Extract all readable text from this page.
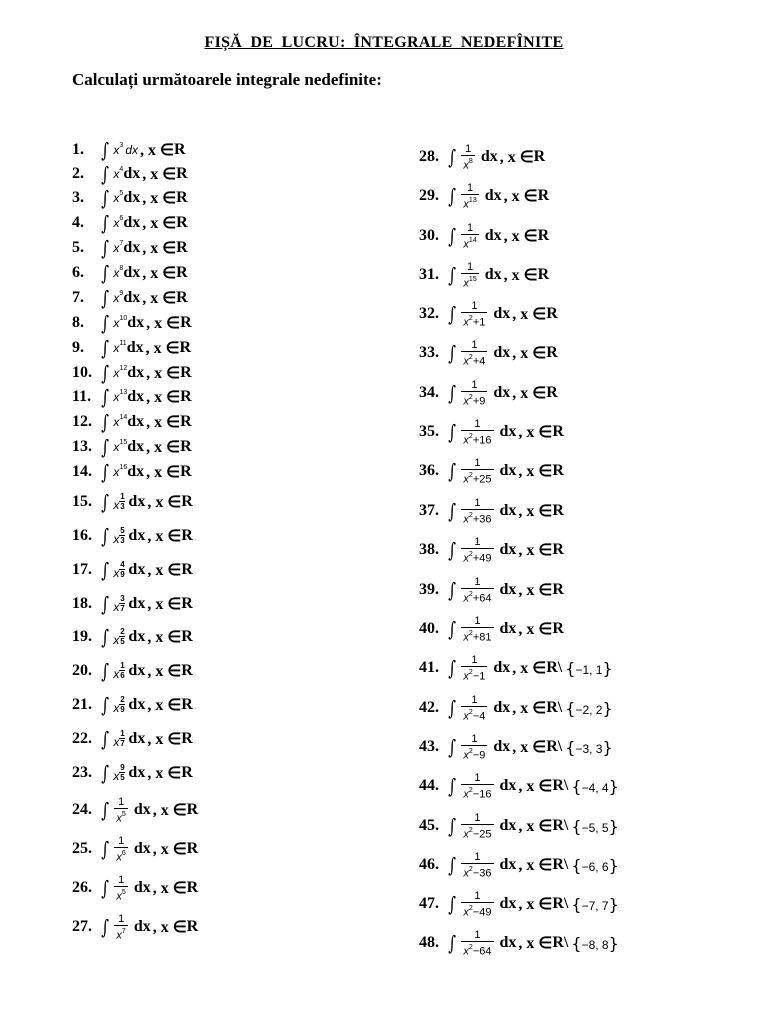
FIȘĂ DE LUCRU: ÎNTEGRALE NEDEFÎNITE
Calculați următoarele integrale nedefinite:
1. ∫ $x^3$ dx , x ∈ R
2. ∫ $x^4$ dx , x ∈ R
3. ∫ $x^5$ dx , x ∈ R
4. ∫ $x^6$ dx , x ∈ R
5. ∫ $x^7$ dx , x ∈ R
6. ∫ $x^8$ dx , x ∈ R
7. ∫ $x^9$ dx , x ∈ R
8. ∫ $x^{10}$ dx , x ∈ R
9. ∫ $x^{11}$ dx , x ∈ R
10. ∫ $x^{12}$ dx , x ∈ R
11. ∫ $x^{13}$ dx , x ∈ R
12. ∫ $x^{14}$ dx , x ∈ R
13. ∫ $x^{15}$ dx , x ∈ R
14. ∫ $x^{16}$ dx , x ∈ R
15. ∫ x
1
3 dx , x ∈ R
16. ∫ x
5
3 dx , x ∈ R
17. ∫ x
4
9 dx , x ∈ R
18. ∫ x
3
7 dx , x ∈ R
19. ∫ x
2
5 dx , x ∈ R
20. ∫ x
1
6 dx , x ∈ R
21. ∫ x
2
9 dx , x ∈ R
22. ∫ x
1
7 dx , x ∈ R
23. ∫ x
9
5 dx , x ∈ R
24. ∫ $\frac{1}{x^5}$ dx , x ∈ R
25. ∫ $\frac{1}{x^6}$ dx , x ∈ R
26. ∫ $\frac{1}{x^5}$ dx , x ∈ R
27. ∫ $\frac{1}{x^7}$ dx , x ∈ R
28. ∫ $\frac{1}{x^8}$ dx , x ∈ R
29. ∫ $\frac{1}{x^{13}}$ dx , x ∈ R
30. ∫ $\frac{1}{x^{14}}$ dx , x ∈ R
31. ∫ $\frac{1}{x^{15}}$ dx , x ∈ R
32. ∫ $\frac{1}{x^2+1}$ dx , x ∈ R
33. ∫ $\frac{1}{x^2+4}$ dx , x ∈ R
34. ∫ $\frac{1}{x^2+9}$ dx , x ∈ R
35. ∫ $\frac{1}{x^2+16}$ dx , x ∈ R
36. ∫ $\frac{1}{x^2+25}$ dx , x ∈ R
37. ∫ $\frac{1}{x^2+36}$ dx , x ∈ R
38. ∫ $\frac{1}{x^2+49}$ dx , x ∈ R
39. ∫ $\frac{1}{x^2+64}$ dx , x ∈ R
40. ∫ $\frac{1}{x^2+81}$ dx , x ∈ R
41. ∫ $\frac{1}{x^2-1}$ dx , x ∈ R \ {−1, 1}
42. ∫ $\frac{1}{x^2-4}$ dx , x ∈ R \ {−2, 2}
43. ∫ $\frac{1}{x^2-9}$ dx , x ∈ R \ {−3, 3}
44. ∫ $\frac{1}{x^2-16}$ dx , x ∈ R \ {−4, 4}
45. ∫ $\frac{1}{x^2-25}$ dx , x ∈ R \ {−5, 5}
46. ∫ $\frac{1}{x^2-36}$ dx , x ∈ R \ {−6, 6}
47. ∫ $\frac{1}{x^2-49}$ dx , x ∈ R \ {−7, 7}
48. ∫ $\frac{1}{x^2-64}$ dx , x ∈ R \ {−8, 8}
